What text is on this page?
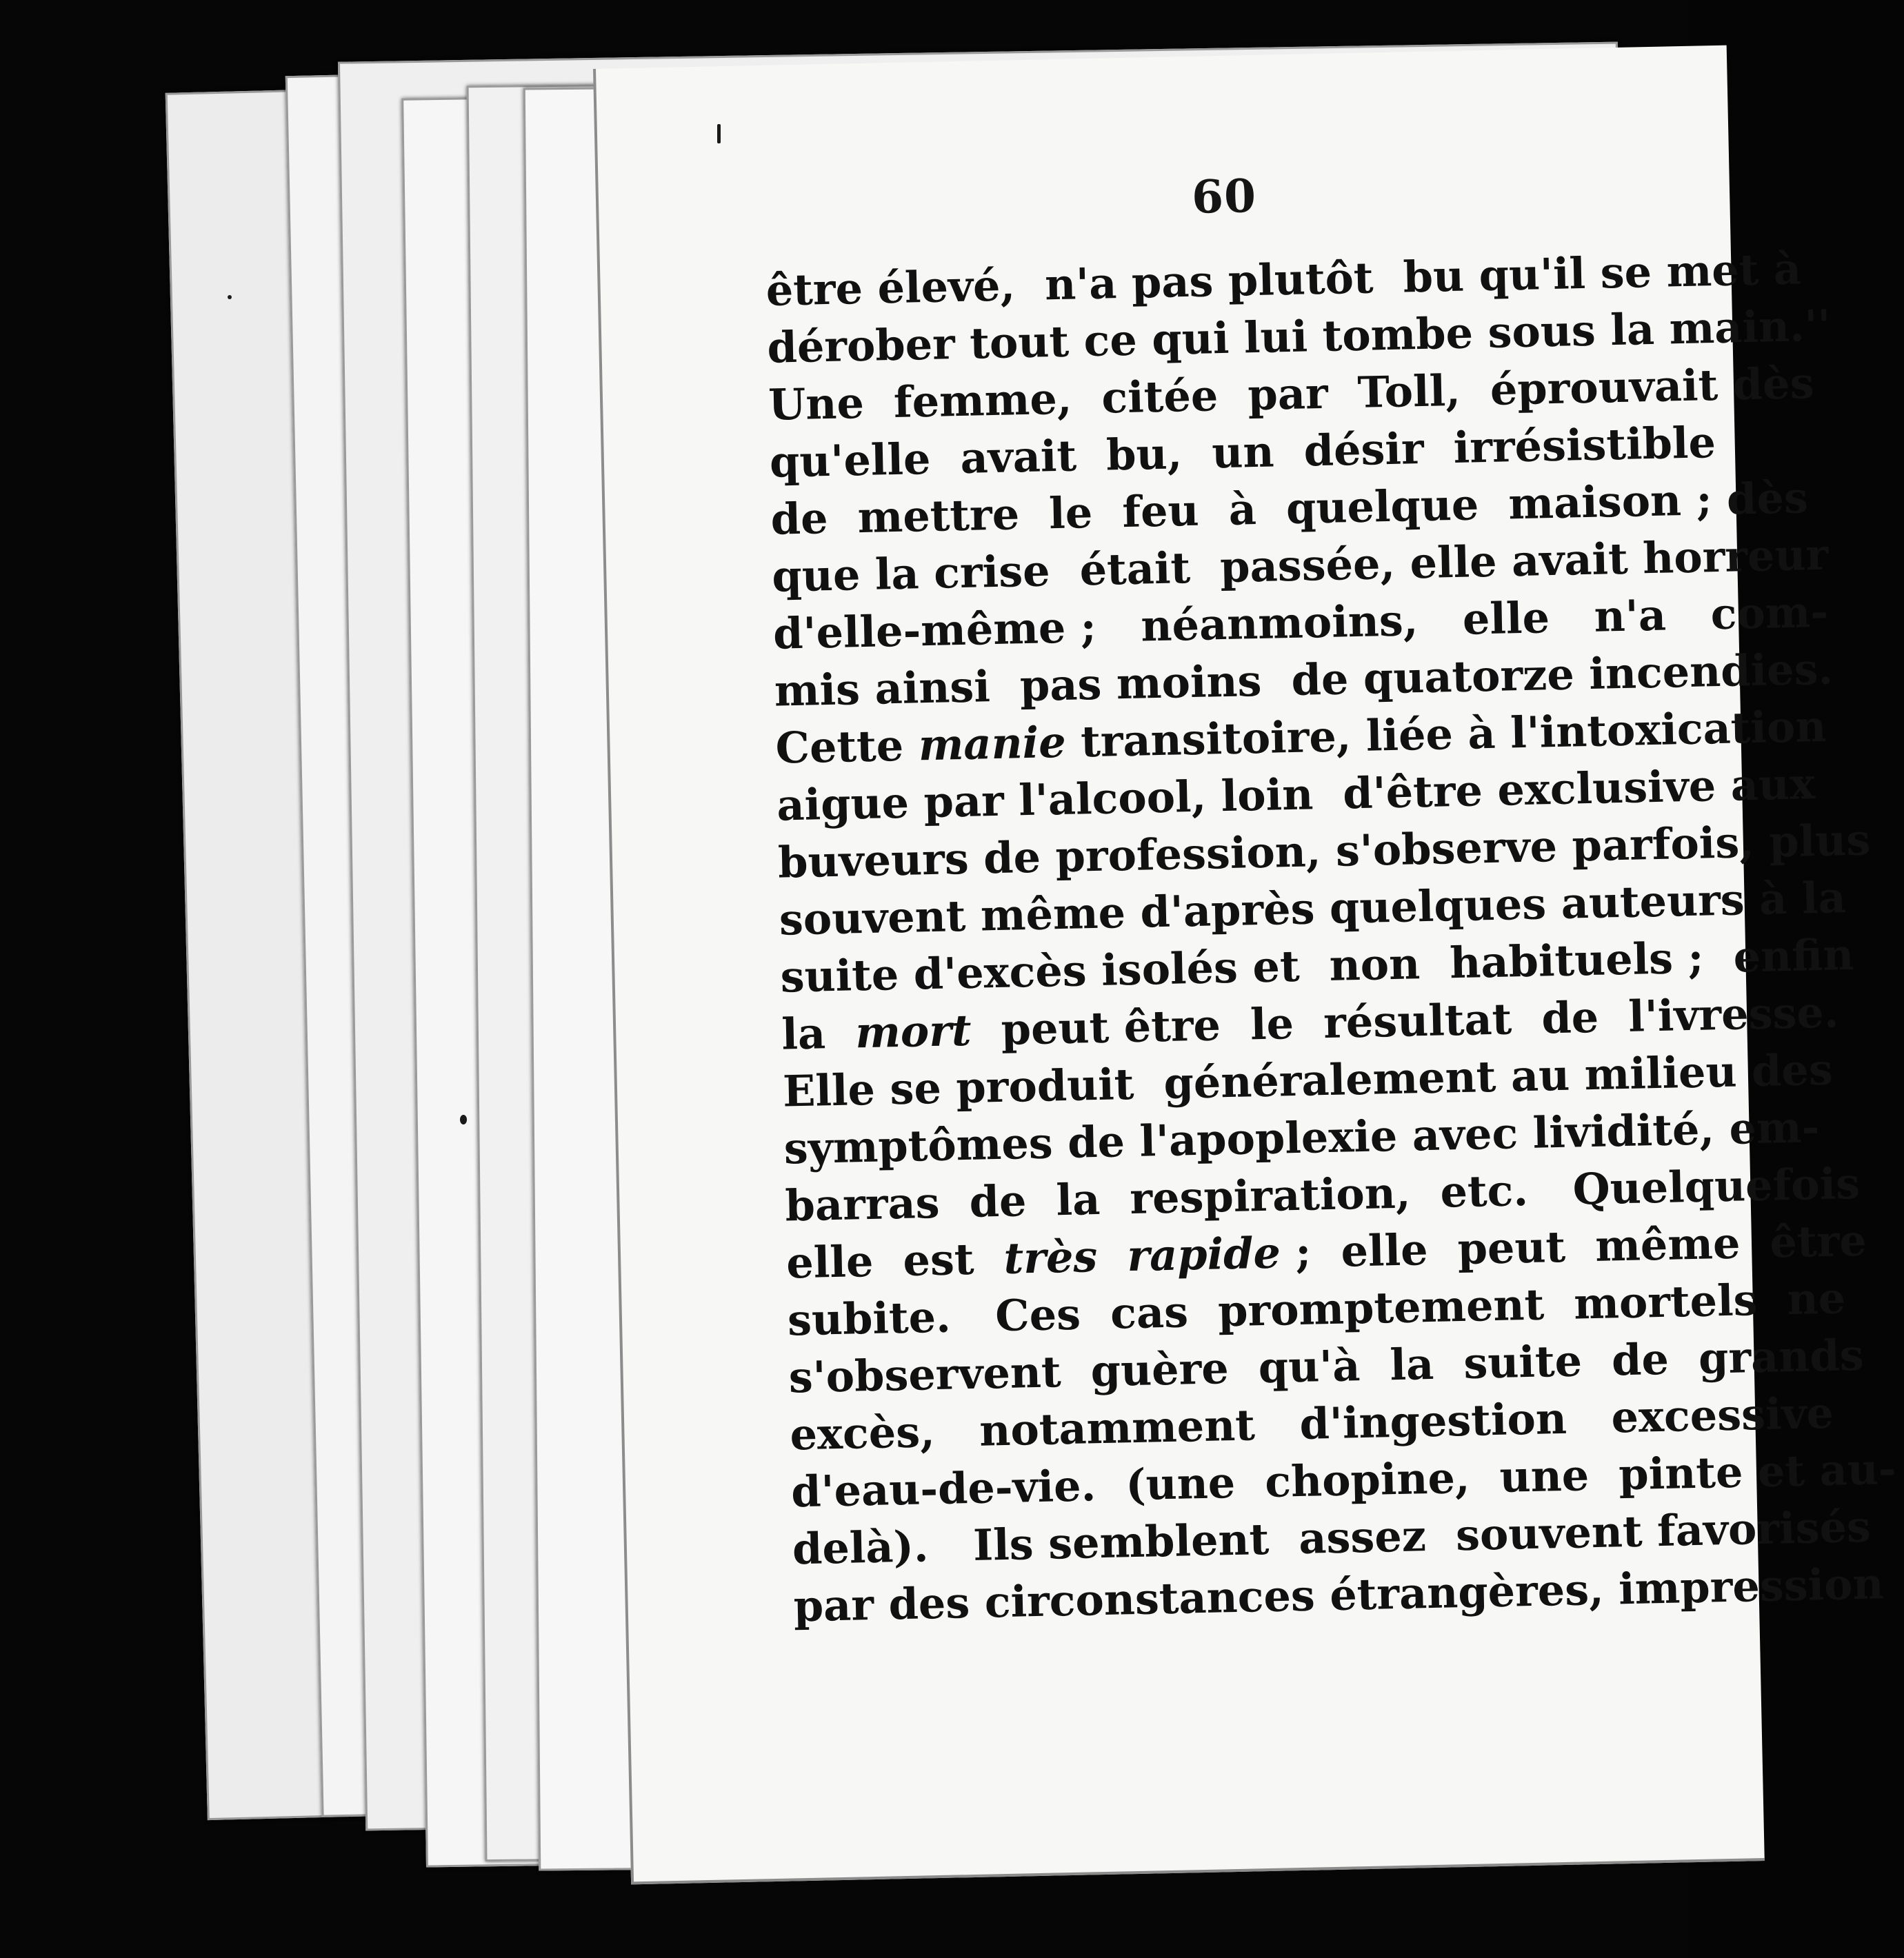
60
être élevé,  n'a pas plutôt  bu qu'il se met à
dérober tout ce qui lui tombe sous la main.''
Une  femme,  citée  par  Toll,  éprouvait dès
qu'elle  avait  bu,  un  désir  irrésistible
de  mettre  le  feu  à  quelque  maison ; dès
que la crise  était  passée, elle avait horreur
d'elle-même ;   néanmoins,   elle   n'a   com-
mis ainsi  pas moins  de quatorze incendies.
Cette manie transitoire, liée à l'intoxication
aigue par l'alcool, loin  d'être exclusive aux
buveurs de profession, s'observe parfois, plus
souvent même d'après quelques auteurs à la
suite d'excès isolés et  non  habituels ;  enfin
la  mort  peut être  le  résultat  de  l'ivresse.
Elle se produit  généralement au milieu des
symptômes de l'apoplexie avec lividité, em-
barras  de  la  respiration,  etc.   Quelquefois
elle  est  très  rapide ;  elle  peut  même  être
subite.   Ces  cas  promptement  mortels  ne
s'observent  guère  qu'à  la  suite  de  grands
excès,   notamment   d'ingestion   excessive
d'eau-de-vie.  (une  chopine,  une  pinte et au-
delà).   Ils semblent  assez  souvent favorisés
par des circonstances étrangères, impression
